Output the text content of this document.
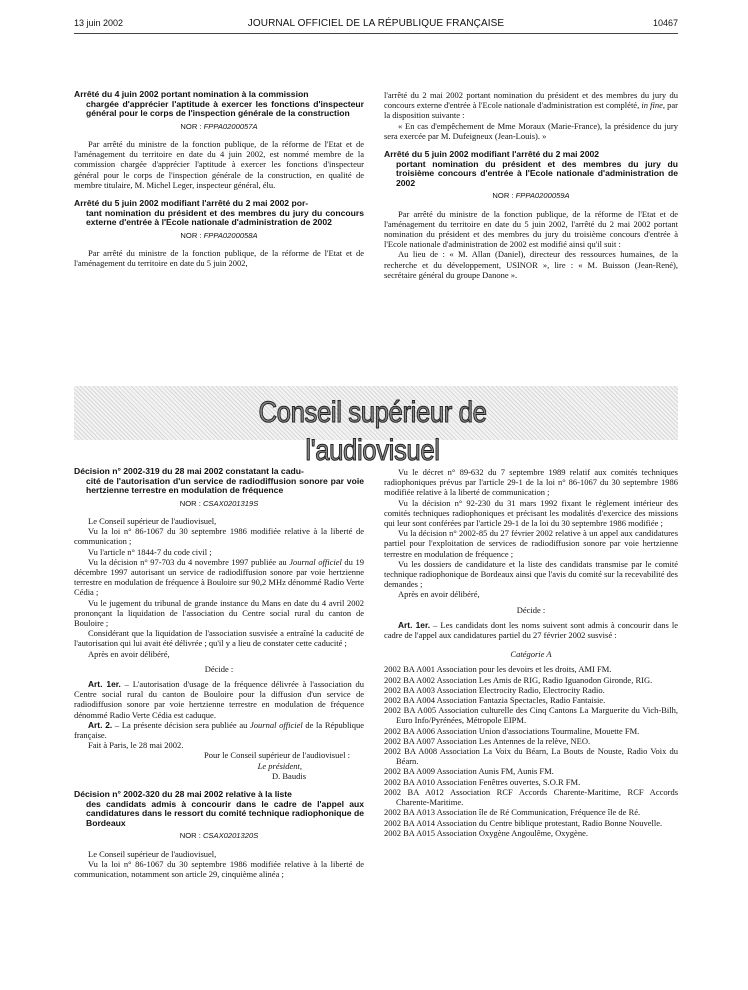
13 juin 2002	JOURNAL OFFICIEL DE LA RÉPUBLIQUE FRANÇAISE	10467
Arrêté du 4 juin 2002 portant nomination à la commission
chargée d'apprécier l'aptitude à exercer les fonctions d'inspecteur général pour le corps de l'inspection générale de la construction
NOR : FPPA0200057A

Par arrêté du ministre de la fonction publique, de la réforme de l'Etat et de l'aménagement du territoire en date du 4 juin 2002, est nommé membre de la commission chargée d'apprécier l'aptitude à exercer les fonctions d'inspecteur général pour le corps de l'inspection générale de la construction, en qualité de membre titulaire, M. Michel Leger, inspecteur général, élu.

Arrêté du 5 juin 2002 modifiant l'arrêté du 2 mai 2002 por-
tant nomination du président et des membres du jury du concours externe d'entrée à l'Ecole nationale d'administration de 2002
NOR : FPPA0200058A

Par arrêté du ministre de la fonction publique, de la réforme de l'Etat et de l'aménagement du territoire en date du 5 juin 2002,

l'arrêté du 2 mai 2002 portant nomination du président et des membres du jury du concours externe d'entrée à l'Ecole nationale d'administration est complété, in fine, par la disposition suivante :

« En cas d'empêchement de Mme Moraux (Marie-France), la présidence du jury sera exercée par M. Dufeigneux (Jean-Louis). »

Arrêté du 5 juin 2002 modifiant l'arrêté du 2 mai 2002
portant nomination du président et des membres du jury du troisième concours d'entrée à l'Ecole nationale d'administration de 2002
NOR : FPPA0200059A

Par arrêté du ministre de la fonction publique, de la réforme de l'Etat et de l'aménagement du territoire en date du 5 juin 2002, l'arrêté du 2 mai 2002 portant nomination du président et des membres du jury du troisième concours d'entrée à l'Ecole nationale d'administration de 2002 est modifié ainsi qu'il suit :

Au lieu de : « M. Allan (Daniel), directeur des ressources humaines, de la recherche et du développement, USINOR », lire : « M. Buisson (Jean-René), secrétaire général du groupe Danone ».

Conseil supérieur de l'audiovisuel
Décision n° 2002-319 du 28 mai 2002 constatant la cadu-
cité de l'autorisation d'un service de radiodiffusion sonore par voie hertzienne terrestre en modulation de fréquence
NOR : CSAX0201319S

Le Conseil supérieur de l'audiovisuel,

Vu la loi n° 86-1067 du 30 septembre 1986 modifiée relative à la liberté de communication ;

Vu l'article n° 1844-7 du code civil ;

Vu la décision n° 97-703 du 4 novembre 1997 publiée au Journal officiel du 19 décembre 1997 autorisant un service de radiodiffusion sonore par voie hertzienne terrestre en modulation de fréquence à Bouloire sur 90,2 MHz dénommé Radio Verte Cédia ;

Vu le jugement du tribunal de grande instance du Mans en date du 4 avril 2002 prononçant la liquidation de l'association du Centre social rural du canton de Bouloire ;

Considérant que la liquidation de l'association susvisée a entraîné la caducité de l'autorisation qui lui avait été délivrée ; qu'il y a lieu de constater cette caducité ;

Après en avoir délibéré,

Décide :

Art. 1er. – L'autorisation d'usage de la fréquence délivrée à l'association du Centre social rural du canton de Bouloire pour la diffusion d'un service de radiodiffusion sonore par voie hertzienne terrestre en modulation de fréquence dénommé Radio Verte Cédia est caduque.

Art. 2. – La présente décision sera publiée au Journal officiel de la République française.

Fait à Paris, le 28 mai 2002.

Pour le Conseil supérieur de l'audiovisuel :

Le président,

D. Baudis

Décision n° 2002-320 du 28 mai 2002 relative à la liste
des candidats admis à concourir dans le cadre de l'appel aux candidatures dans le ressort du comité technique radiophonique de Bordeaux
NOR : CSAX0201320S

Le Conseil supérieur de l'audiovisuel,

Vu la loi n° 86-1067 du 30 septembre 1986 modifiée relative à la liberté de communication, notamment son article 29, cinquième alinéa ;

Vu le décret n° 89-632 du 7 septembre 1989 relatif aux comités techniques radiophoniques prévus par l'article 29-1 de la loi n° 86-1067 du 30 septembre 1986 modifiée relative à la liberté de communication ;

Vu la décision n° 92-230 du 31 mars 1992 fixant le règlement intérieur des comités techniques radiophoniques et précisant les modalités d'exercice des missions qui leur sont conférées par l'article 29-1 de la loi du 30 septembre 1986 modifiée ;

Vu la décision n° 2002-85 du 27 février 2002 relative à un appel aux candidatures partiel pour l'exploitation de services de radiodiffusion sonore par voie hertzienne terrestre en modulation de fréquence ;

Vu les dossiers de candidature et la liste des candidats transmise par le comité technique radiophonique de Bordeaux ainsi que l'avis du comité sur la recevabilité des demandes ;

Après en avoir délibéré,

Décide :

Art. 1er. – Les candidats dont les noms suivent sont admis à concourir dans le cadre de l'appel aux candidatures partiel du 27 février 2002 susvisé :

Catégorie A

2002 BA A001 Association pour les devoirs et les droits, AMI FM.

2002 BA A002 Association Les Amis de RIG, Radio Iguanodon Gironde, RIG.

2002 BA A003 Association Electrocity Radio, Electrocity Radio.

2002 BA A004 Association Fantazia Spectacles, Radio Fantaisie.

2002 BA A005 Association culturelle des Cinq Cantons La Marguerite du Vich-Bilh, Euro Info/Pyrénées, Métropole EIPM.

2002 BA A006 Association Union d'associations Tourmaline, Mouette FM.

2002 BA A007 Association Les Antennes de la relève, NEO.

2002 BA A008 Association La Voix du Béarn, La Bouts de Nouste, Radio Voix du Béarn.

2002 BA A009 Association Aunis FM, Aunis FM.

2002 BA A010 Association Fenêtres ouvertes, S.O.R FM.

2002 BA A012 Association RCF Accords Charente-Maritime, RCF Accords Charente-Maritime.

2002 BA A013 Association île de Ré Communication, Fréquence île de Ré.

2002 BA A014 Association du Centre biblique protestant, Radio Bonne Nouvelle.

2002 BA A015 Association Oxygène Angoulême, Oxygène.
